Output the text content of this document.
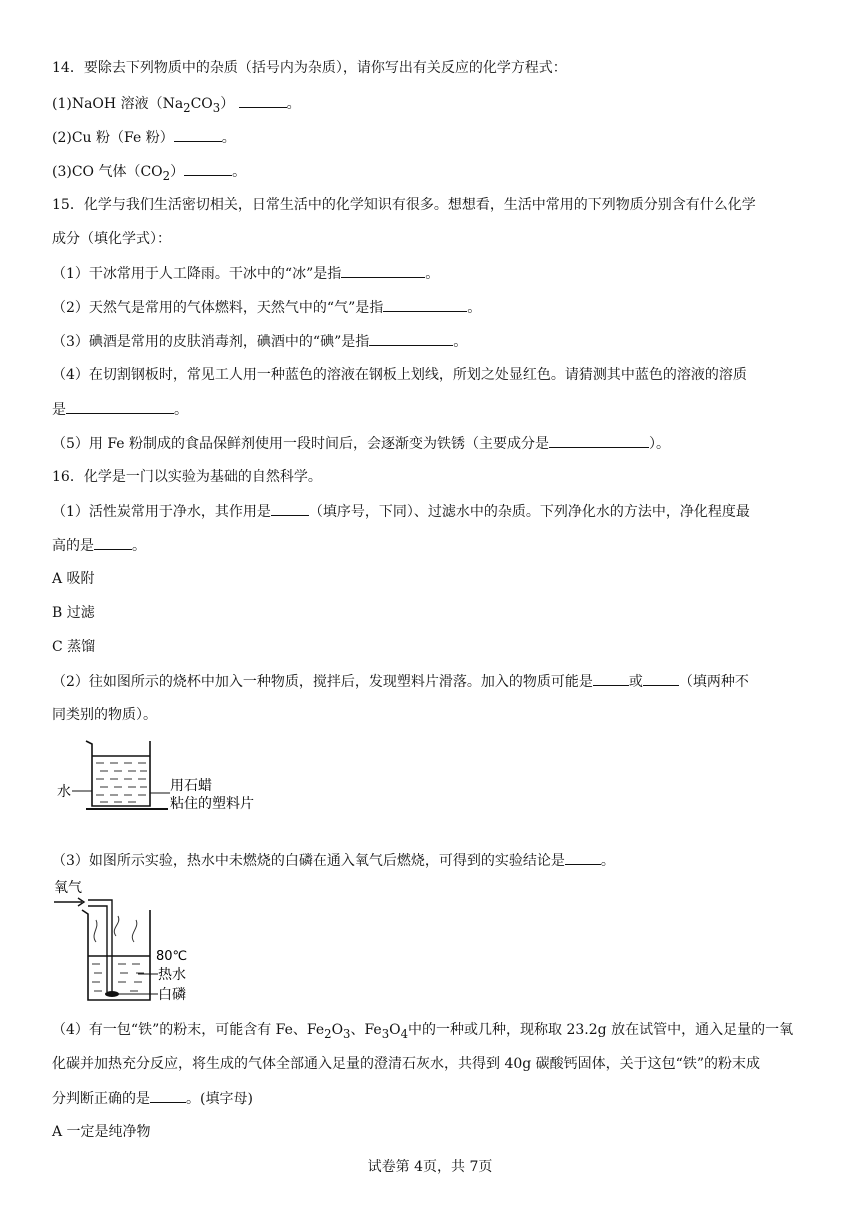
14．要除去下列物质中的杂质（括号内为杂质），请你写出有关反应的化学方程式：
(1)NaOH 溶液$(Na_2CO_3)$	。
(2)Cu 粉（Fe 粉）	。
(3)CO 气体$(CO_2)$	。
15．化学与我们生活密切相关，日常生活中的化学知识有很多。想想看，生活中常用的下列物质分别含有什么化学
成分（填化学式）：
（1）干冰常用于人工降雨。干冰中的“冰”是指	。
（2）天然气是常用的气体燃料，天然气中的“气”是指	。
（3）碘酒是常用的皮肤消毒剂，碘酒中的“碘”是指	。
（4）在切割钢板时，常见工人用一种蓝色的溶液在钢板上划线，所划之处显红色。请猜测其中蓝色的溶液的溶质
是	。
（5）用 Fe 粉制成的食品保鲜剂使用一段时间后，会逐渐变为铁锈（主要成分是	）。
16．化学是一门以实验为基础的自然科学。
（1）活性炭常用于净水，其作用是	（填序号，下同）、过滤水中的杂质。下列净化水的方法中，净化程度最
高的是	。
A 吸附
B 过滤
C 蒸馏
（2）往如图所示的烧杯中加入一种物质，搅拌后，发现塑料片滑落。加入的物质可能是	或	（填两种不
同类别的物质）。
水	用石蜡
粘住的塑料片
（3）如图所示实验，热水中未燃烧的白磷在通入氧气后燃烧，可得到的实验结论是	。
氧气
80℃
热水
白磷
（4）有一包“铁”的粉末，可能含有 Fe、$Fe_2O_3$、$Fe_3O_4$中的一种或几种，现称取 23.2g 放在试管中，通入足量的一氧
化碳并加热充分反应，将生成的气体全部通入足量的澄清石灰水，共得到 40g 碳酸钙固体，关于这包“铁”的粉末成
分判断正确的是	。(填字母)
A 一定是纯净物
试卷第 4页，共 7页
